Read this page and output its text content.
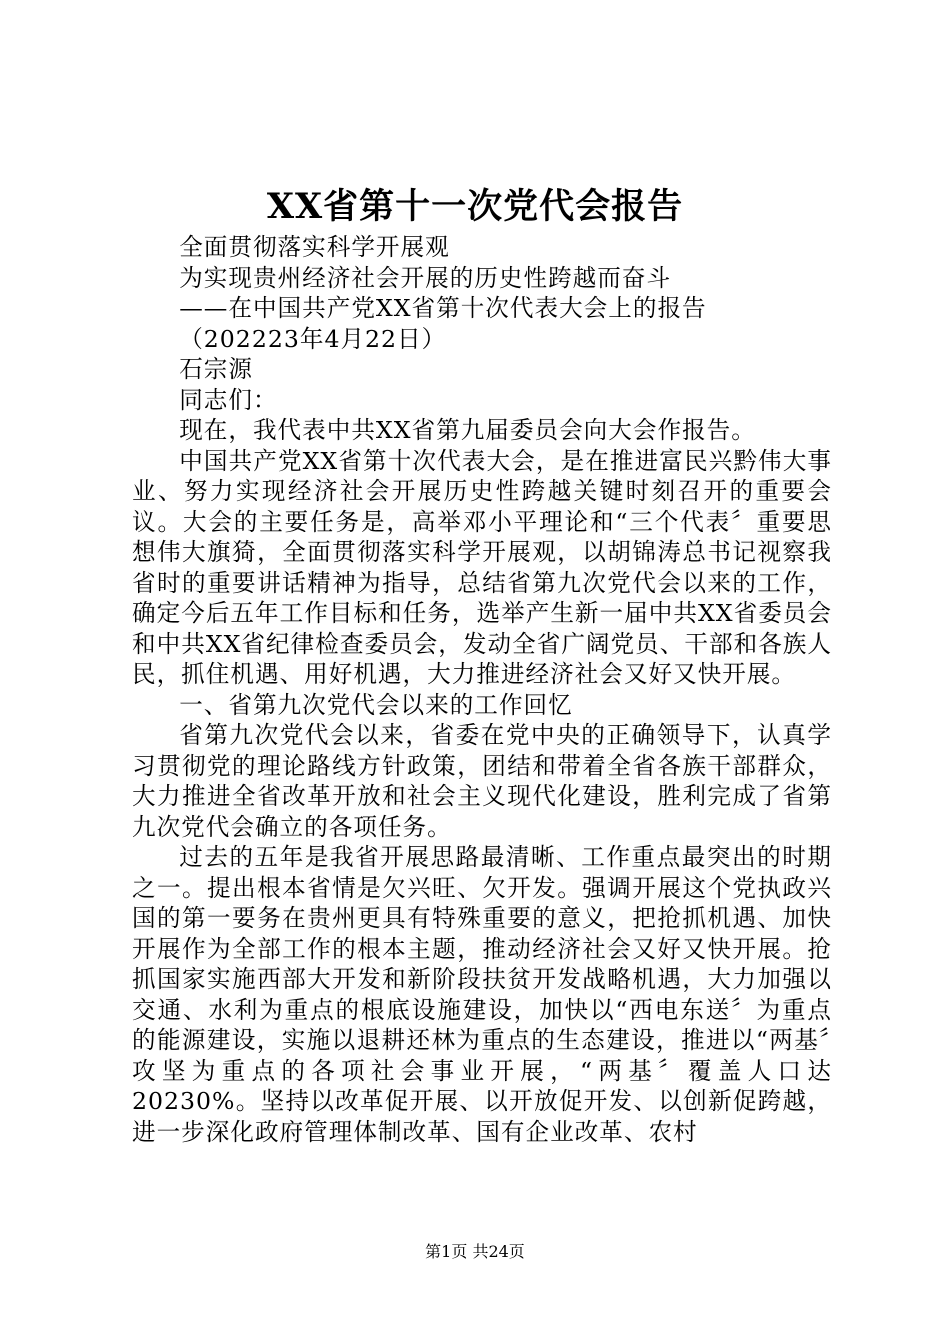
XX省第十一次党代会报告

全面贯彻落实科学开展观

为实现贵州经济社会开展的历史性跨越而奋斗

——在中国共产党XX省第十次代表大会上的报告

（202223年4月22日）

石宗源

同志们：

现在，我代表中共XX省第九届委员会向大会作报告。

中国共产党XX省第十次代表大会，是在推进富民兴黔伟大事业、努力实现经济社会开展历史性跨越关键时刻召开的重要会议。大会的主要任务是，高举邓小平理论和“三个代表〞重要思想伟大旗猗，全面贯彻落实科学开展观，以胡锦涛总书记视察我省时的重要讲话精神为指导，总结省第九次党代会以来的工作，确定今后五年工作目标和任务，选举产生新一届中共XX省委员会和中共XX省纪律检查委员会，发动全省广阔党员、干部和各族人民，抓住机遇、用好机遇，大力推进经济社会又好又快开展。

一、省第九次党代会以来的工作回忆

省第九次党代会以来，省委在党中央的正确领导下，认真学习贯彻党的理论路线方针政策，团结和带着全省各族干部群众，大力推进全省改革开放和社会主义现代化建设，胜利完成了省第九次党代会确立的各项任务。

过去的五年是我省开展思路最清晰、工作重点最突出的时期之一。提出根本省情是欠兴旺、欠开发。强调开展这个党执政兴国的第一要务在贵州更具有特殊重要的意义，把抢抓机遇、加快开展作为全部工作的根本主题，推动经济社会又好又快开展。抢抓国家实施西部大开发和新阶段扶贫开发战略机遇，大力加强以交通、水利为重点的根底设施建设，加快以“西电东送〞为重点的能源建设，实施以退耕还林为重点的生态建设，推进以“两基〞攻坚为重点的各项社会事业开展，“两基〞覆盖人口达20230%。坚持以改革促开展、以开放促开发、以创新促跨越，进一步深化政府管理体制改革、国有企业改革、农村

第1页 共24页
